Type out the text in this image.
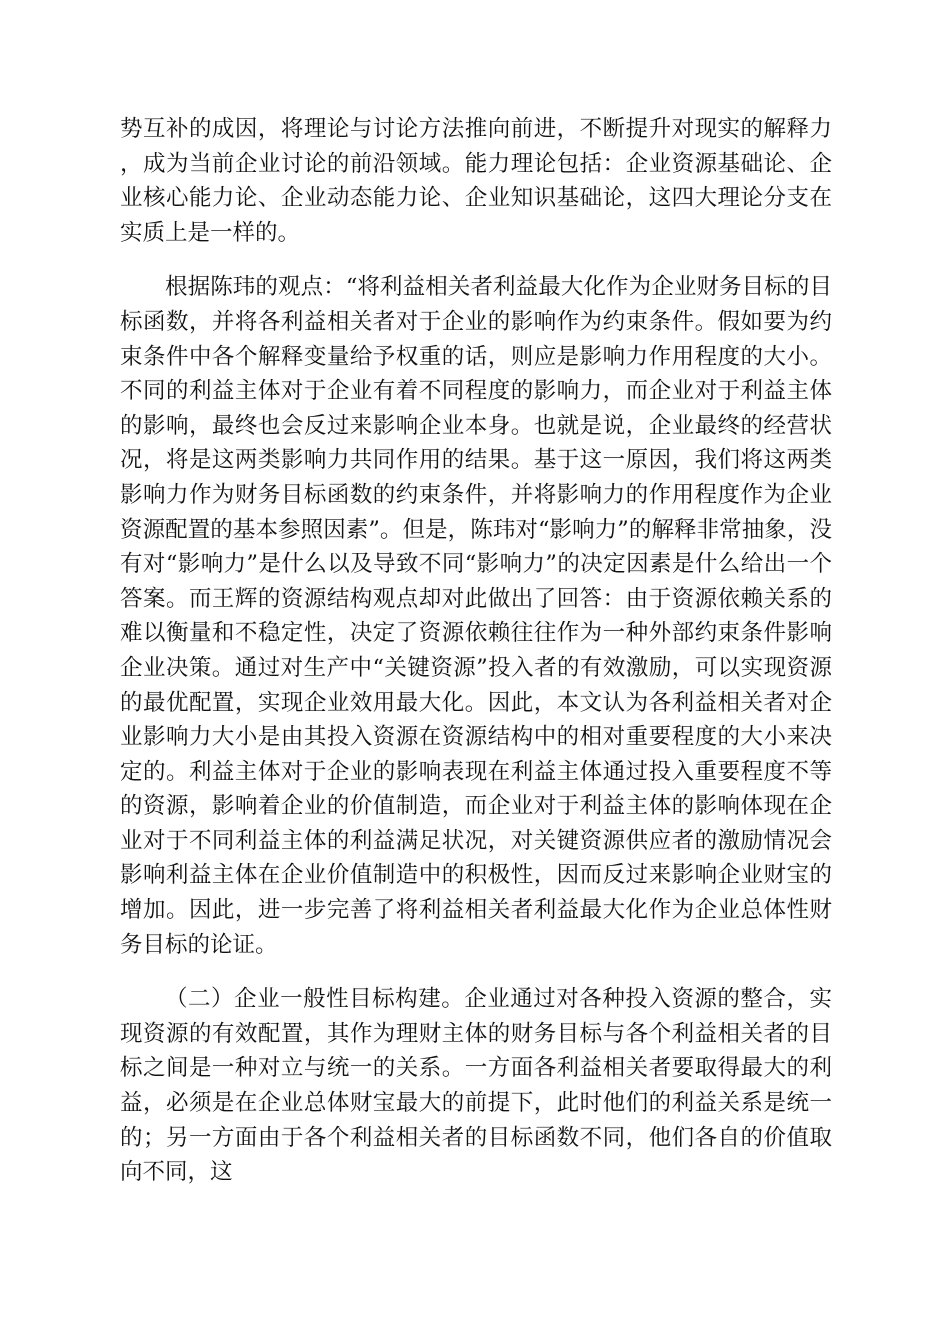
势互补的成因，将理论与讨论方法推向前进，不断提升对现实的解释力，成为当前企业讨论的前沿领域。能力理论包括：企业资源基础论、企业核心能力论、企业动态能力论、企业知识基础论，这四大理论分支在实质上是一样的。

根据陈玮的观点：“将利益相关者利益最大化作为企业财务目标的目标函数，并将各利益相关者对于企业的影响作为约束条件。假如要为约束条件中各个解释变量给予权重的话，则应是影响力作用程度的大小。不同的利益主体对于企业有着不同程度的影响力，而企业对于利益主体的影响，最终也会反过来影响企业本身。也就是说，企业最终的经营状况，将是这两类影响力共同作用的结果。基于这一原因，我们将这两类影响力作为财务目标函数的约束条件，并将影响力的作用程度作为企业资源配置的基本参照因素”。但是，陈玮对“影响力”的解释非常抽象，没有对“影响力”是什么以及导致不同“影响力”的决定因素是什么给出一个答案。而王辉的资源结构观点却对此做出了回答：由于资源依赖关系的难以衡量和不稳定性，决定了资源依赖往往作为一种外部约束条件影响企业决策。通过对生产中“关键资源”投入者的有效激励，可以实现资源的最优配置，实现企业效用最大化。因此，本文认为各利益相关者对企业影响力大小是由其投入资源在资源结构中的相对重要程度的大小来决定的。利益主体对于企业的影响表现在利益主体通过投入重要程度不等的资源，影响着企业的价值制造，而企业对于利益主体的影响体现在企业对于不同利益主体的利益满足状况，对关键资源供应者的激励情况会影响利益主体在企业价值制造中的积极性，因而反过来影响企业财宝的增加。因此，进一步完善了将利益相关者利益最大化作为企业总体性财务目标的论证。

（二）企业一般性目标构建。企业通过对各种投入资源的整合，实现资源的有效配置，其作为理财主体的财务目标与各个利益相关者的目标之间是一种对立与统一的关系。一方面各利益相关者要取得最大的利益，必须是在企业总体财宝最大的前提下，此时他们的利益关系是统一的；另一方面由于各个利益相关者的目标函数不同，他们各自的价值取向不同，这
